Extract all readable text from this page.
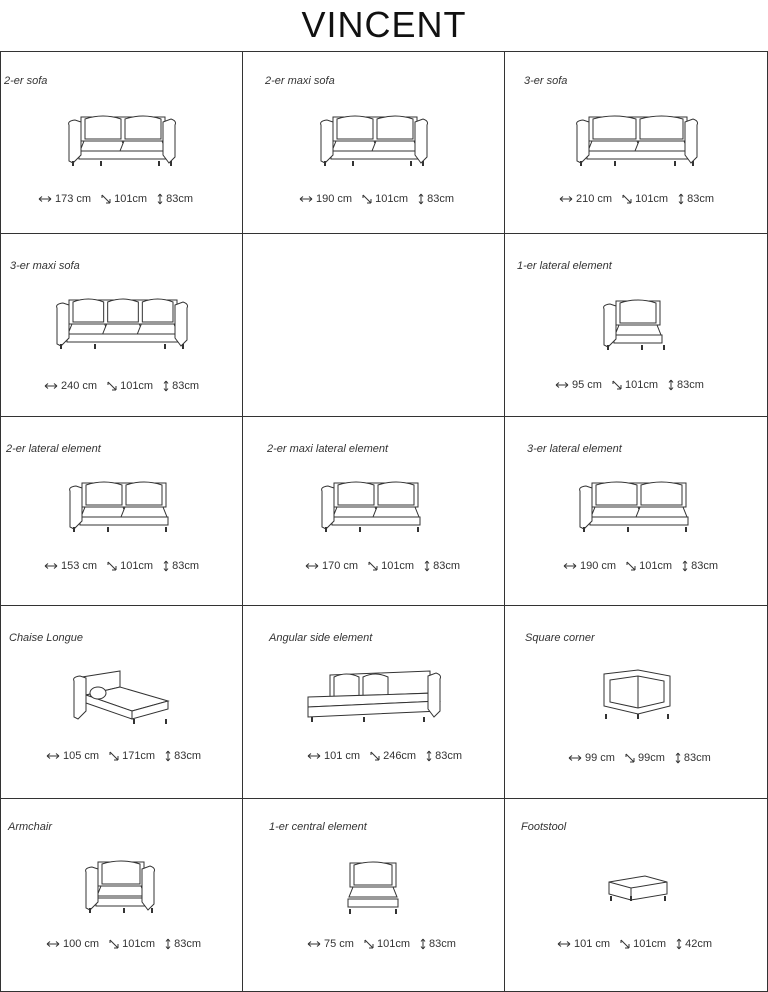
VINCENT
2-er sofa
173 cm 101cm 83cm
2-er maxi sofa
190 cm 101cm 83cm
3-er sofa
210 cm 101cm 83cm
3-er maxi sofa
240 cm 101cm 83cm
1-er lateral element
95 cm 101cm 83cm
2-er lateral element
153 cm 101cm 83cm
2-er maxi lateral element
170 cm 101cm 83cm
3-er lateral element
190 cm 101cm 83cm
Chaise Longue
105 cm 171cm 83cm
Angular side element
101 cm 246cm 83cm
Square corner
99 cm 99cm 83cm
Armchair
100 cm 101cm 83cm
1-er central element
75 cm 101cm 83cm
Footstool
101 cm 101cm 42cm
